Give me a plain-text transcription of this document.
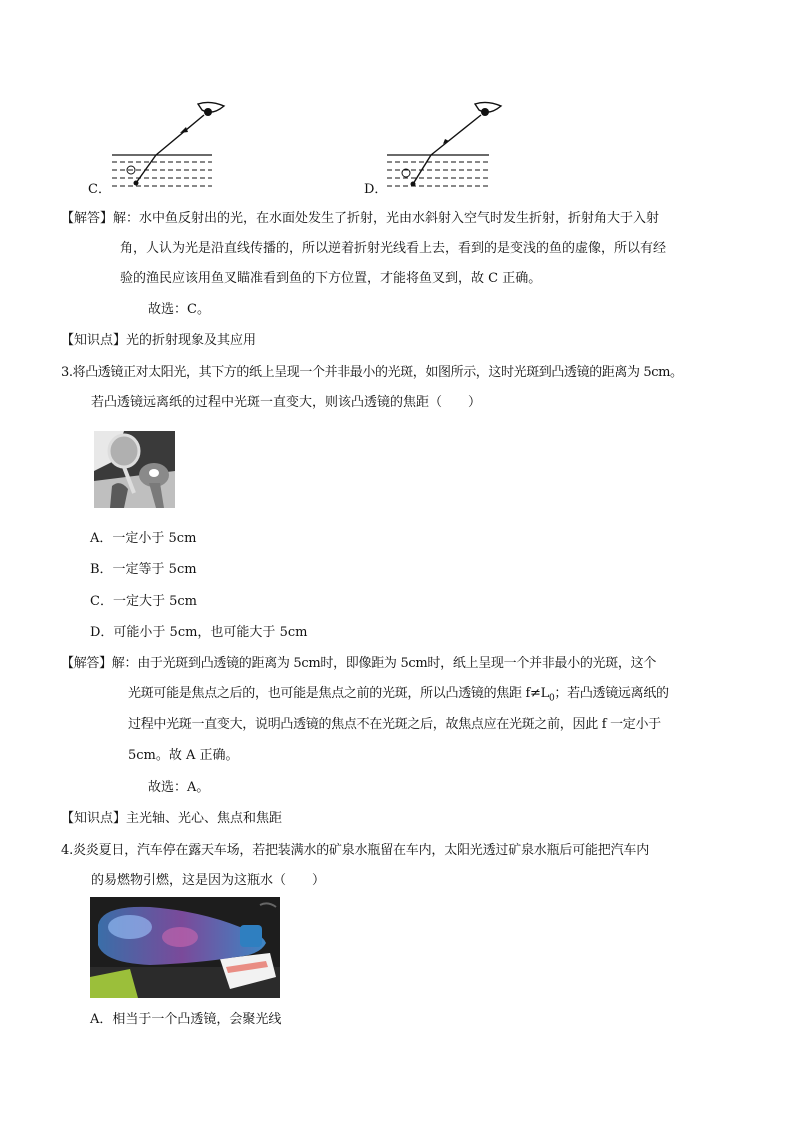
C．	D．
【解答】解：水中鱼反射出的光，在水面处发生了折射，光由水斜射入空气时发生折射，折射角大于入射
角，人认为光是沿直线传播的，所以逆着折射光线看上去，看到的是变浅的鱼的虚像，所以有经
验的渔民应该用鱼叉瞄准看到鱼的下方位置，才能将鱼叉到，故 C 正确。
故选：C。
【知识点】光的折射现象及其应用
3.将凸透镜正对太阳光，其下方的纸上呈现一个并非最小的光斑，如图所示，这时光斑到凸透镜的距离为 5cm。
若凸透镜远离纸的过程中光斑一直变大，则该凸透镜的焦距（　　）
A．一定小于 5cm
B．一定等于 5cm
C．一定大于 5cm
D．可能小于 5cm，也可能大于 5cm
【解答】解：由于光斑到凸透镜的距离为 5cm时，即像距为 5cm时，纸上呈现一个并非最小的光斑，这个
光斑可能是焦点之后的，也可能是焦点之前的光斑，所以凸透镜的焦距 $f\ne L_0$；若凸透镜远离纸的
过程中光斑一直变大，说明凸透镜的焦点不在光斑之后，故焦点应在光斑之前，因此 f 一定小于
5cm。故 A 正确。
故选：A。
【知识点】主光轴、光心、焦点和焦距
4.炎炎夏日，汽车停在露天车场，若把装满水的矿泉水瓶留在车内，太阳光透过矿泉水瓶后可能把汽车内
的易燃物引燃，这是因为这瓶水（　　）
A．相当于一个凸透镜，会聚光线
